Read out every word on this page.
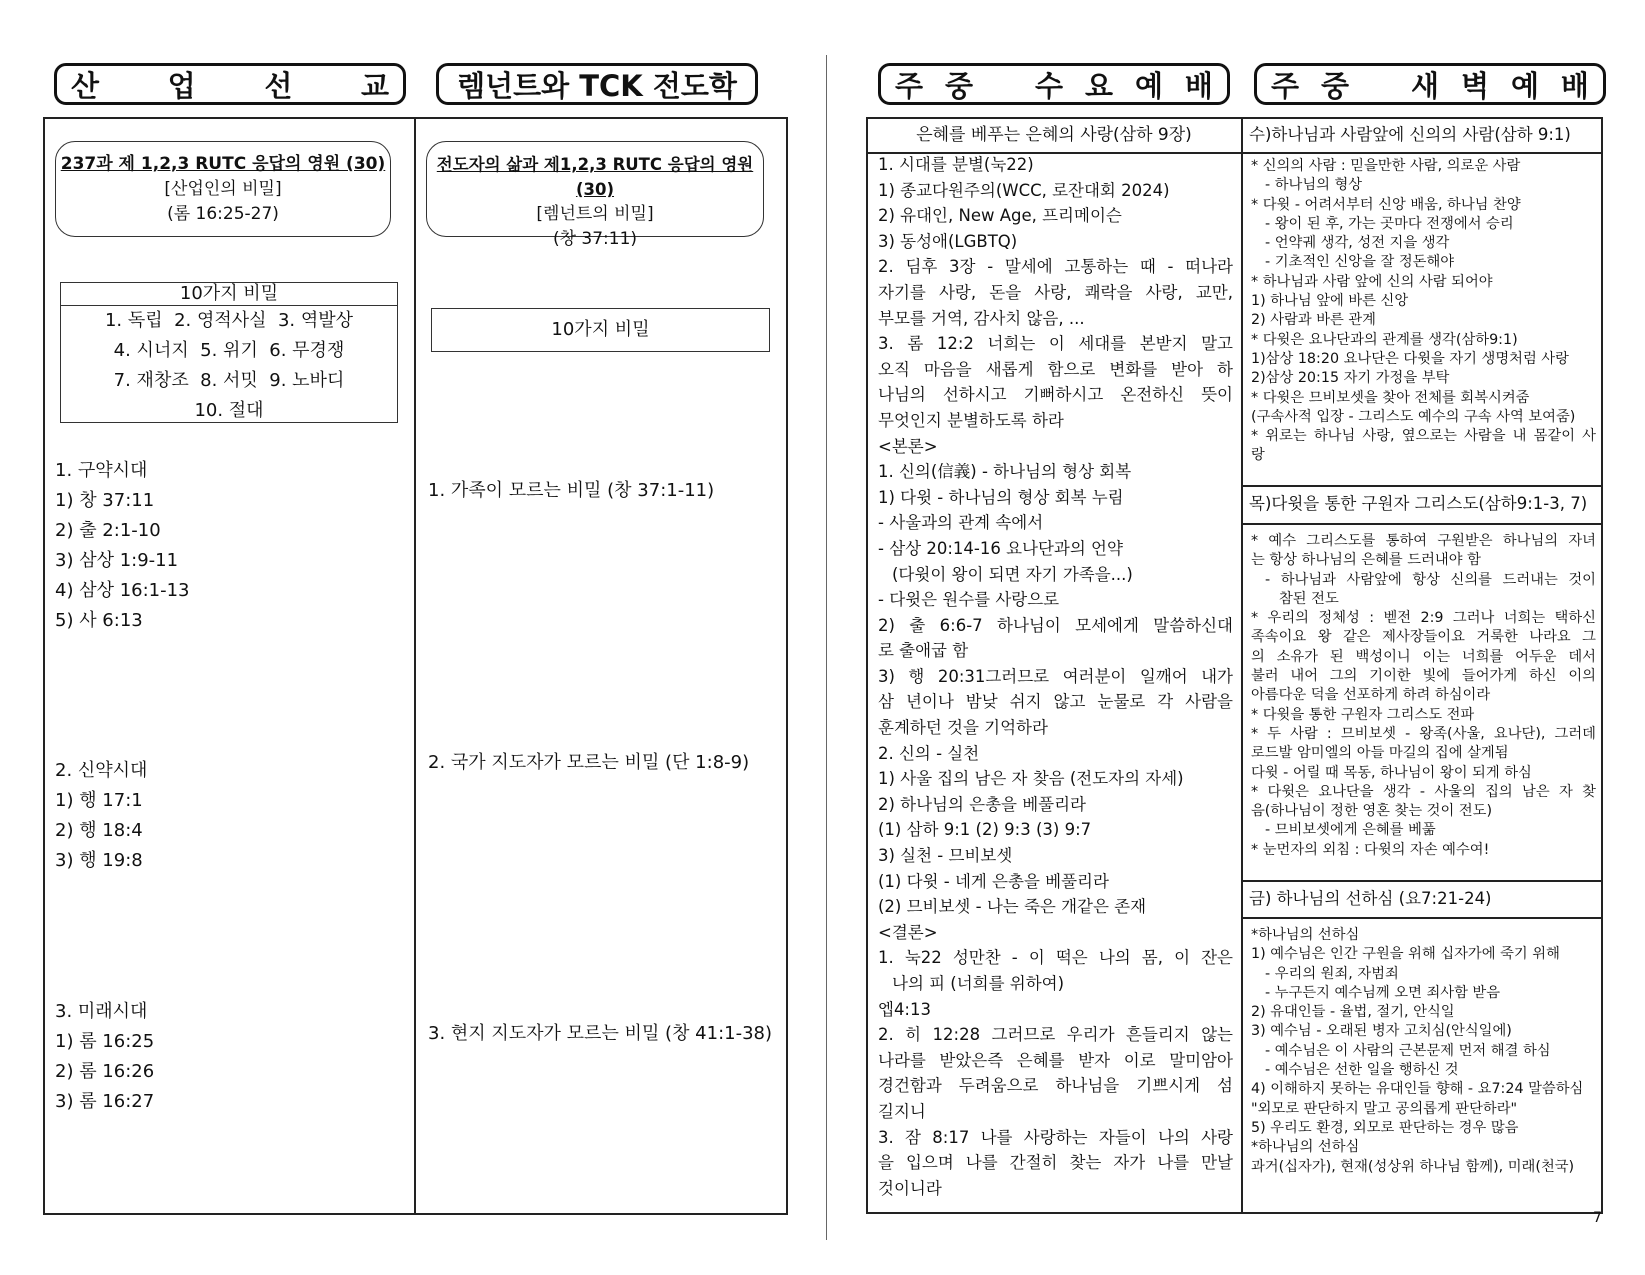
산 업 선 교 렘넌트와 TCK 전도학	주 중 수 요 예 배 주 중 새 벽 예 배
237과 제 1,2,3 RUTC 응답의 영원 (30)
[산업인의 비밀]
(롬 16:25-27)
10가지 비밀
1. 독립  2. 영적사실  3. 역발상
4. 시너지  5. 위기  6. 무경쟁
7. 재창조  8. 서밋  9. 노바디
10. 절대
1. 구약시대
1) 창 37:11
2) 출 2:1-10
3) 삼상 1:9-11
4) 삼상 16:1-13
5) 사 6:13
2. 신약시대
1) 행 17:1
2) 행 18:4
3) 행 19:8
3. 미래시대
1) 롬 16:25
2) 롬 16:26
3) 롬 16:27
전도자의 삶과 제1,2,3 RUTC 응답의 영원 (30)
[렘넌트의 비밀]
(창 37:11)
10가지 비밀
1. 가족이 모르는 비밀 (창 37:1-11)
2. 국가 지도자가 모르는 비밀 (단 1:8-9)
3. 현지 지도자가 모르는 비밀 (창 41:1-38)
은혜를 베푸는 은혜의 사랑(삼하 9장)
1. 시대를 분별(눅22)
1) 종교다원주의(WCC, 로잔대회 2024)
2) 유대인, New Age, 프리메이슨
3) 동성애(LGBTQ)
2. 딤후 3장 - 말세에 고통하는 때 - 떠나라
자기를 사랑, 돈을 사랑, 쾌락을 사랑, 교만,
부모를 거역, 감사치 않음, ...
3. 롬 12:2 너희는 이 세대를 본받지 말고
오직 마음을 새롭게 함으로 변화를 받아 하
나님의 선하시고 기뻐하시고 온전하신 뜻이
무엇인지 분별하도록 하라
<본론>
1. 신의(信義) - 하나님의 형상 회복
1) 다윗 - 하나님의 형상 회복 누림
- 사울과의 관계 속에서
- 삼상 20:14-16 요나단과의 언약
(다윗이 왕이 되면 자기 가족을...)
- 다윗은 원수를 사랑으로
2) 출 6:6-7 하나님이 모세에게 말씀하신대
로 출애굽 함
3) 행 20:31그러므로 여러분이 일깨어 내가
삼 년이나 밤낮 쉬지 않고 눈물로 각 사람을
훈계하던 것을 기억하라
2. 신의 - 실천
1) 사울 집의 남은 자 찾음 (전도자의 자세)
2) 하나님의 은총을 베풀리라
(1) 삼하 9:1 (2) 9:3 (3) 9:7
3) 실천 - 므비보셋
(1) 다윗 - 네게 은총을 베풀리라
(2) 므비보셋 - 나는 죽은 개같은 존재
<결론>
1. 눅22 성만찬 - 이 떡은 나의 몸, 이 잔은
나의 피 (너희를 위하여)
엡4:13
2. 히 12:28 그러므로 우리가 흔들리지 않는
나라를 받았은즉 은혜를 받자 이로 말미암아
경건함과 두려움으로 하나님을 기쁘시게 섬
길지니
3. 잠 8:17 나를 사랑하는 자들이 나의 사랑
을 입으며 나를 간절히 찾는 자가 나를 만날
것이니라
수)하나님과 사람앞에 신의의 사람(삼하 9:1)
* 신의의 사람 : 믿을만한 사람, 의로운 사람
- 하나님의 형상
* 다윗 - 어려서부터 신앙 배움, 하나님 찬양
- 왕이 된 후, 가는 곳마다 전쟁에서 승리
- 언약궤 생각, 성전 지을 생각
- 기초적인 신앙을 잘 정돈해야
* 하나님과 사람 앞에 신의 사람 되어야
1) 하나님 앞에 바른 신앙
2) 사람과 바른 관계
* 다윗은 요나단과의 관계를 생각(삼하9:1)
1)삼상 18:20 요나단은 다윗을 자기 생명처럼 사랑
2)삼상 20:15 자기 가정을 부탁
* 다윗은 므비보셋을 찾아 전체를 회복시켜줌
(구속사적 입장 - 그리스도 예수의 구속 사역 보여줌)
* 위로는 하나님 사랑, 옆으로는 사람을 내 몸같이 사
랑
목)다윗을 통한 구원자 그리스도(삼하9:1-3, 7)
* 예수 그리스도를 통하여 구원받은 하나님의 자녀
는 항상 하나님의 은혜를 드러내야 함
- 하나님과 사람앞에 항상 신의를 드러내는 것이
참된 전도
* 우리의 정체성 : 벧전 2:9 그러나 너희는 택하신
족속이요 왕 같은 제사장들이요 거룩한 나라요 그
의 소유가 된 백성이니 이는 너희를 어두운 데서
불러 내어 그의 기이한 빛에 들어가게 하신 이의
아름다운 덕을 선포하게 하려 하심이라
* 다윗을 통한 구원자 그리스도 전파
* 두 사람 : 므비보셋 - 왕족(사울, 요나단), 그러데
로드발 암미엘의 아들 마길의 집에 살게됨
다윗 - 어릴 때 목동, 하나님이 왕이 되게 하심
* 다윗은 요나단을 생각 - 사울의 집의 남은 자 찾
음(하나님이 정한 영혼 찾는 것이 전도)
- 므비보셋에게 은혜를 베풂
* 눈먼자의 외침 : 다윗의 자손 예수여!
금) 하나님의 선하심 (요7:21-24)
*하나님의 선하심
1) 예수님은 인간 구원을 위해 십자가에 죽기 위해
- 우리의 원죄, 자범죄
- 누구든지 예수님께 오면 죄사함 받음
2) 유대인들 - 율법, 절기, 안식일
3) 예수님 - 오래된 병자 고치심(안식일에)
- 예수님은 이 사람의 근본문제 먼저 해결 하심
- 예수님은 선한 일을 행하신 것
4) 이해하지 못하는 유대인들 향해 - 요7:24 말씀하심
"외모로 판단하지 말고 공의롭게 판단하라"
5) 우리도 환경, 외모로 판단하는 경우 많음
*하나님의 선하심
과거(십자가), 현재(성상위 하나님 함께), 미래(천국)
7
